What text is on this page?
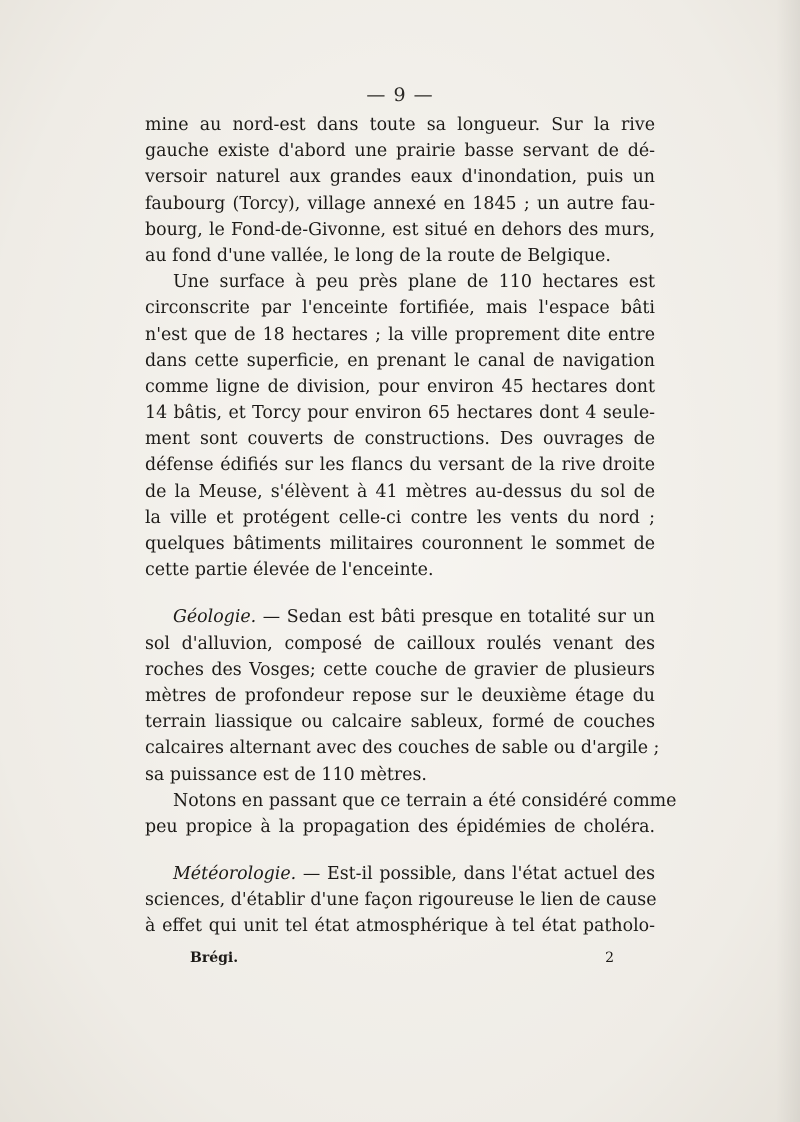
— 9 —
mine au nord-est dans toute sa longueur. Sur la rive
gauche existe d'abord une prairie basse servant de dé-
versoir naturel aux grandes eaux d'inondation, puis un
faubourg (Torcy), village annexé en 1845 ; un autre fau-
bourg, le Fond-de-Givonne, est situé en dehors des murs,
au fond d'une vallée, le long de la route de Belgique.
Une surface à peu près plane de 110 hectares est
circonscrite par l'enceinte fortifiée, mais l'espace bâti
n'est que de 18 hectares ; la ville proprement dite entre
dans cette superficie, en prenant le canal de navigation
comme ligne de division, pour environ 45 hectares dont
14 bâtis, et Torcy pour environ 65 hectares dont 4 seule-
ment sont couverts de constructions. Des ouvrages de
défense édifiés sur les flancs du versant de la rive droite
de la Meuse, s'élèvent à 41 mètres au-dessus du sol de
la ville et protégent celle-ci contre les vents du nord ;
quelques bâtiments militaires couronnent le sommet de
cette partie élevée de l'enceinte.
Géologie. — Sedan est bâti presque en totalité sur un
sol d'alluvion, composé de cailloux roulés venant des
roches des Vosges; cette couche de gravier de plusieurs
mètres de profondeur repose sur le deuxième étage du
terrain liassique ou calcaire sableux, formé de couches
calcaires alternant avec des couches de sable ou d'argile ;
sa puissance est de 110 mètres.
Notons en passant que ce terrain a été considéré comme
peu propice à la propagation des épidémies de choléra.
Météorologie. — Est-il possible, dans l'état actuel des
sciences, d'établir d'une façon rigoureuse le lien de cause
à effet qui unit tel état atmosphérique à tel état patholo-
Brégi.	2
